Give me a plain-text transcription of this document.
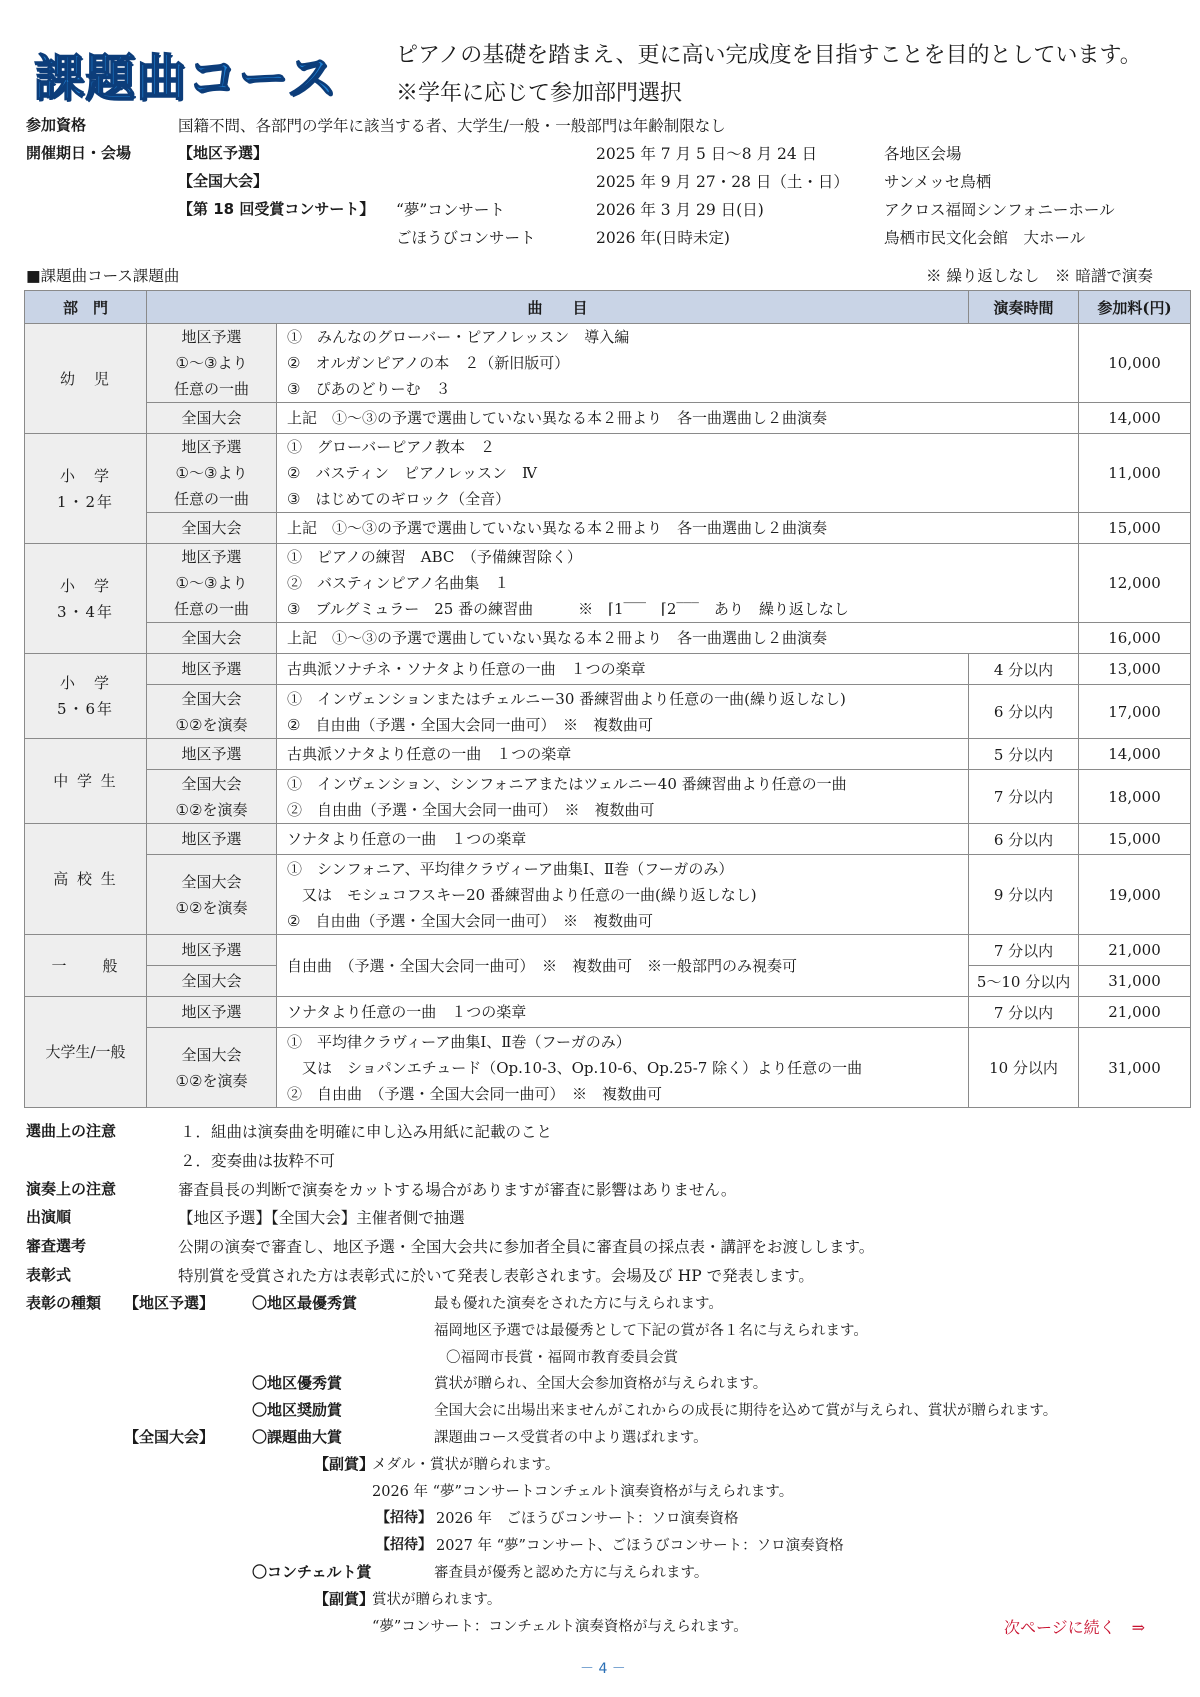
課題曲コース	ピアノの基礎を踏まえ、更に高い完成度を目指すことを目的としています。
※学年に応じて参加部門選択
参加資格	国籍不問、各部門の学年に該当する者、大学生/一般・一般部門は年齢制限なし
開催期日・会場	【地区予選】	2025 年 7 月 5 日～8 月 24 日	各地区会場
【全国大会】	2025 年 9 月 27・28 日（土・日） サンメッセ鳥栖
【第 18 回受賞コンサート】 “夢”コンサート	2026 年 3 月 29 日(日)	アクロス福岡シンフォニーホール
ごほうびコンサート	2026 年(日時未定)	鳥栖市民文化会館　大ホール
■課題曲コース課題曲	※ 繰り返しなし　※ 暗譜で演奏
部　門	曲　　目		演奏時間	参加料(円)
幼　児	地区予選
①～③より
任意の一曲	①　みんなのグローバー・ピアノレッスン　導入編
②　オルガンピアノの本　２（新旧版可）
③　ぴあのどりーむ　３		10,000
	全国大会	上記　①～③の予選で選曲していない異なる本２冊より　各一曲選曲し２曲演奏		14,000
小　学
1・2年	地区予選
①～③より
任意の一曲	①　グローバーピアノ教本　２
②　バスティン　ピアノレッスン　Ⅳ
③　はじめてのギロック（全音）		11,000
	全国大会	上記　①～③の予選で選曲していない異なる本２冊より　各一曲選曲し２曲演奏		15,000
小　学
3・4年	地区予選
①～③より
任意の一曲	①　ピアノの練習　ABC　（予備練習除く）
②　バスティンピアノ名曲集　１
③　ブルグミュラー　25 番の練習曲　　　※　⌈1‾‾‾　⌈2‾‾‾　あり　繰り返しなし		12,000
	全国大会	上記　①～③の予選で選曲していない異なる本２冊より　各一曲選曲し２曲演奏		16,000
小　学
5・6年	地区予選	古典派ソナチネ・ソナタより任意の一曲　１つの楽章	4 分以内	13,000
	全国大会
①②を演奏	①　インヴェンションまたはチェルニー30 番練習曲より任意の一曲(繰り返しなし)
②　自由曲（予選・全国大会同一曲可）　※　複数曲可	6 分以内	17,000
中 学 生	地区予選	古典派ソナタより任意の一曲　１つの楽章	5 分以内	14,000
	全国大会
①②を演奏	①　インヴェンション、シンフォニアまたはツェルニー40 番練習曲より任意の一曲
②　自由曲（予選・全国大会同一曲可）　※　複数曲可	7 分以内	18,000
高 校 生	地区予選	ソナタより任意の一曲　１つの楽章	6 分以内	15,000
	全国大会
①②を演奏	①　シンフォニア、平均律クラヴィーア曲集Ⅰ、Ⅱ巻（フーガのみ）
　又は　モシュコフスキー20 番練習曲より任意の一曲(繰り返しなし)
②　自由曲（予選・全国大会同一曲可）　※　複数曲可	9 分以内	19,000
一　　般	地区予選	自由曲　（予選・全国大会同一曲可）　※　複数曲可　※一般部門のみ視奏可	7 分以内	21,000
	全国大会		5～10 分以内	31,000
大学生/一般	地区予選	ソナタより任意の一曲　１つの楽章	7 分以内	21,000
	全国大会
①②を演奏	①　平均律クラヴィーア曲集Ⅰ、Ⅱ巻（フーガのみ）
　又は　ショパンエチュード（Op.10-3、Op.10-6、Op.25-7 除く）より任意の一曲
②　自由曲　（予選・全国大会同一曲可）　※　複数曲可	10 分以内	31,000
選曲上の注意	１．組曲は演奏曲を明確に申し込み用紙に記載のこと
２．変奏曲は抜粋不可
演奏上の注意	審査員長の判断で演奏をカットする場合がありますが審査に影響はありません。
出演順	【地区予選】【全国大会】主催者側で抽選
審査選考	公開の演奏で審査し、地区予選・全国大会共に参加者全員に審査員の採点表・講評をお渡しします。
表彰式	特別賞を受賞された方は表彰式に於いて発表し表彰されます。会場及び HP で発表します。
表彰の種類 【地区予選】	〇地区最優秀賞	最も優れた演奏をされた方に与えられます。
福岡地区予選では最優秀として下記の賞が各１名に与えられます。
〇福岡市長賞・福岡市教育委員会賞
〇地区優秀賞	賞状が贈られ、全国大会参加資格が与えられます。
〇地区奨励賞	全国大会に出場出来ませんがこれからの成長に期待を込めて賞が与えられ、賞状が贈られます。
【全国大会】	〇課題曲大賞	課題曲コース受賞者の中より選ばれます。
【副賞】
メダル・賞状が贈られます。
2026 年 “夢”コンサートコンチェルト演奏資格が与えられます。
【招待】 2026 年　ごほうびコンサート：ソロ演奏資格
【招待】 2027 年 “夢”コンサート、ごほうびコンサート：ソロ演奏資格
〇コンチェルト賞	審査員が優秀と認めた方に与えられます。
【副賞】
賞状が贈られます。
“夢”コンサート：コンチェルト演奏資格が与えられます。	次ページに続く　⇒
－ 4 －
